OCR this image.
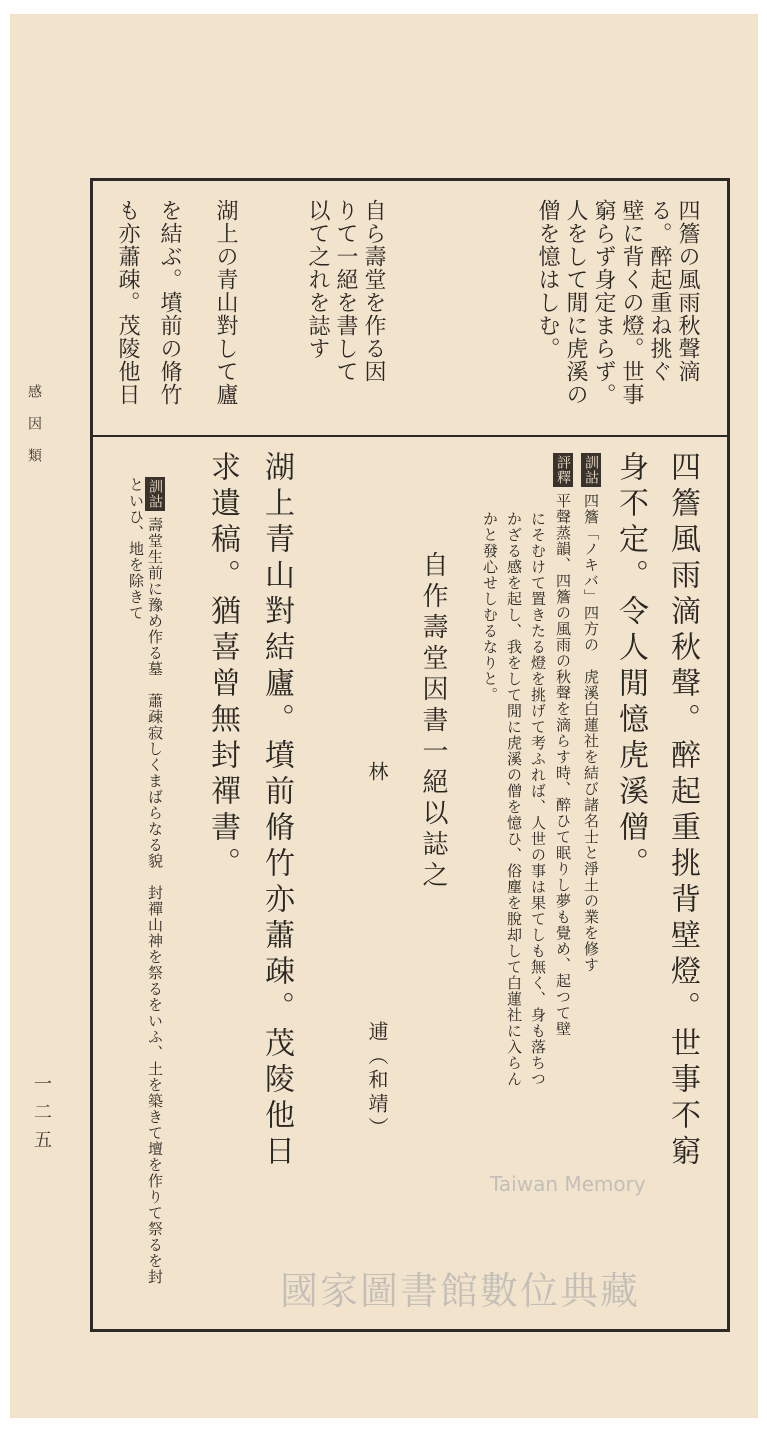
感因類
一二五
四簷の風雨秋聲滴
る。醉起重ね挑ぐ
壁に背くの燈。世事
窮らず身定まらず。
人をして閒に虎溪の
僧を憶はしむ。
自ら壽堂を作る因
りて一絕を書して
以て之れを誌す
湖上の青山對して廬
を結ぶ。墳前の脩竹
も亦蕭疎。茂陵他日
四簷風雨滴秋聲。醉起重挑背壁燈。世事不窮
身不定。令人閒憶虎溪僧。
訓詁四簷「ノキバ」四方の　虎溪白蓮社を結び諸名士と淨土の業を修す
評釋平聲蒸韻、四簷の風雨の秋聲を滴らす時、醉ひて眠りし夢も覺め、起つて壁
にそむけて置きたる燈を挑げて考ふれば、人世の事は果てしも無く、身も落ちつ
かざる感を起し、我をして閒に虎溪の僧を憶ひ、俗塵を脫却して白蓮社に入らん
かと發心せしむるなりと。
自作壽堂因書一絕以誌之
林
逋（和靖）
湖上青山對結廬。墳前脩竹亦蕭疎。茂陵他日
求遺稿。猶喜曾無封禪書。
訓詁壽堂生前に豫め作る墓　蕭疎寂しくまばらなる貌　封禪山神を祭るをいふ、土を築きて壇を作りて祭るを封といひ、地を除きて
Taiwan Memory
國家圖書館數位典藏
